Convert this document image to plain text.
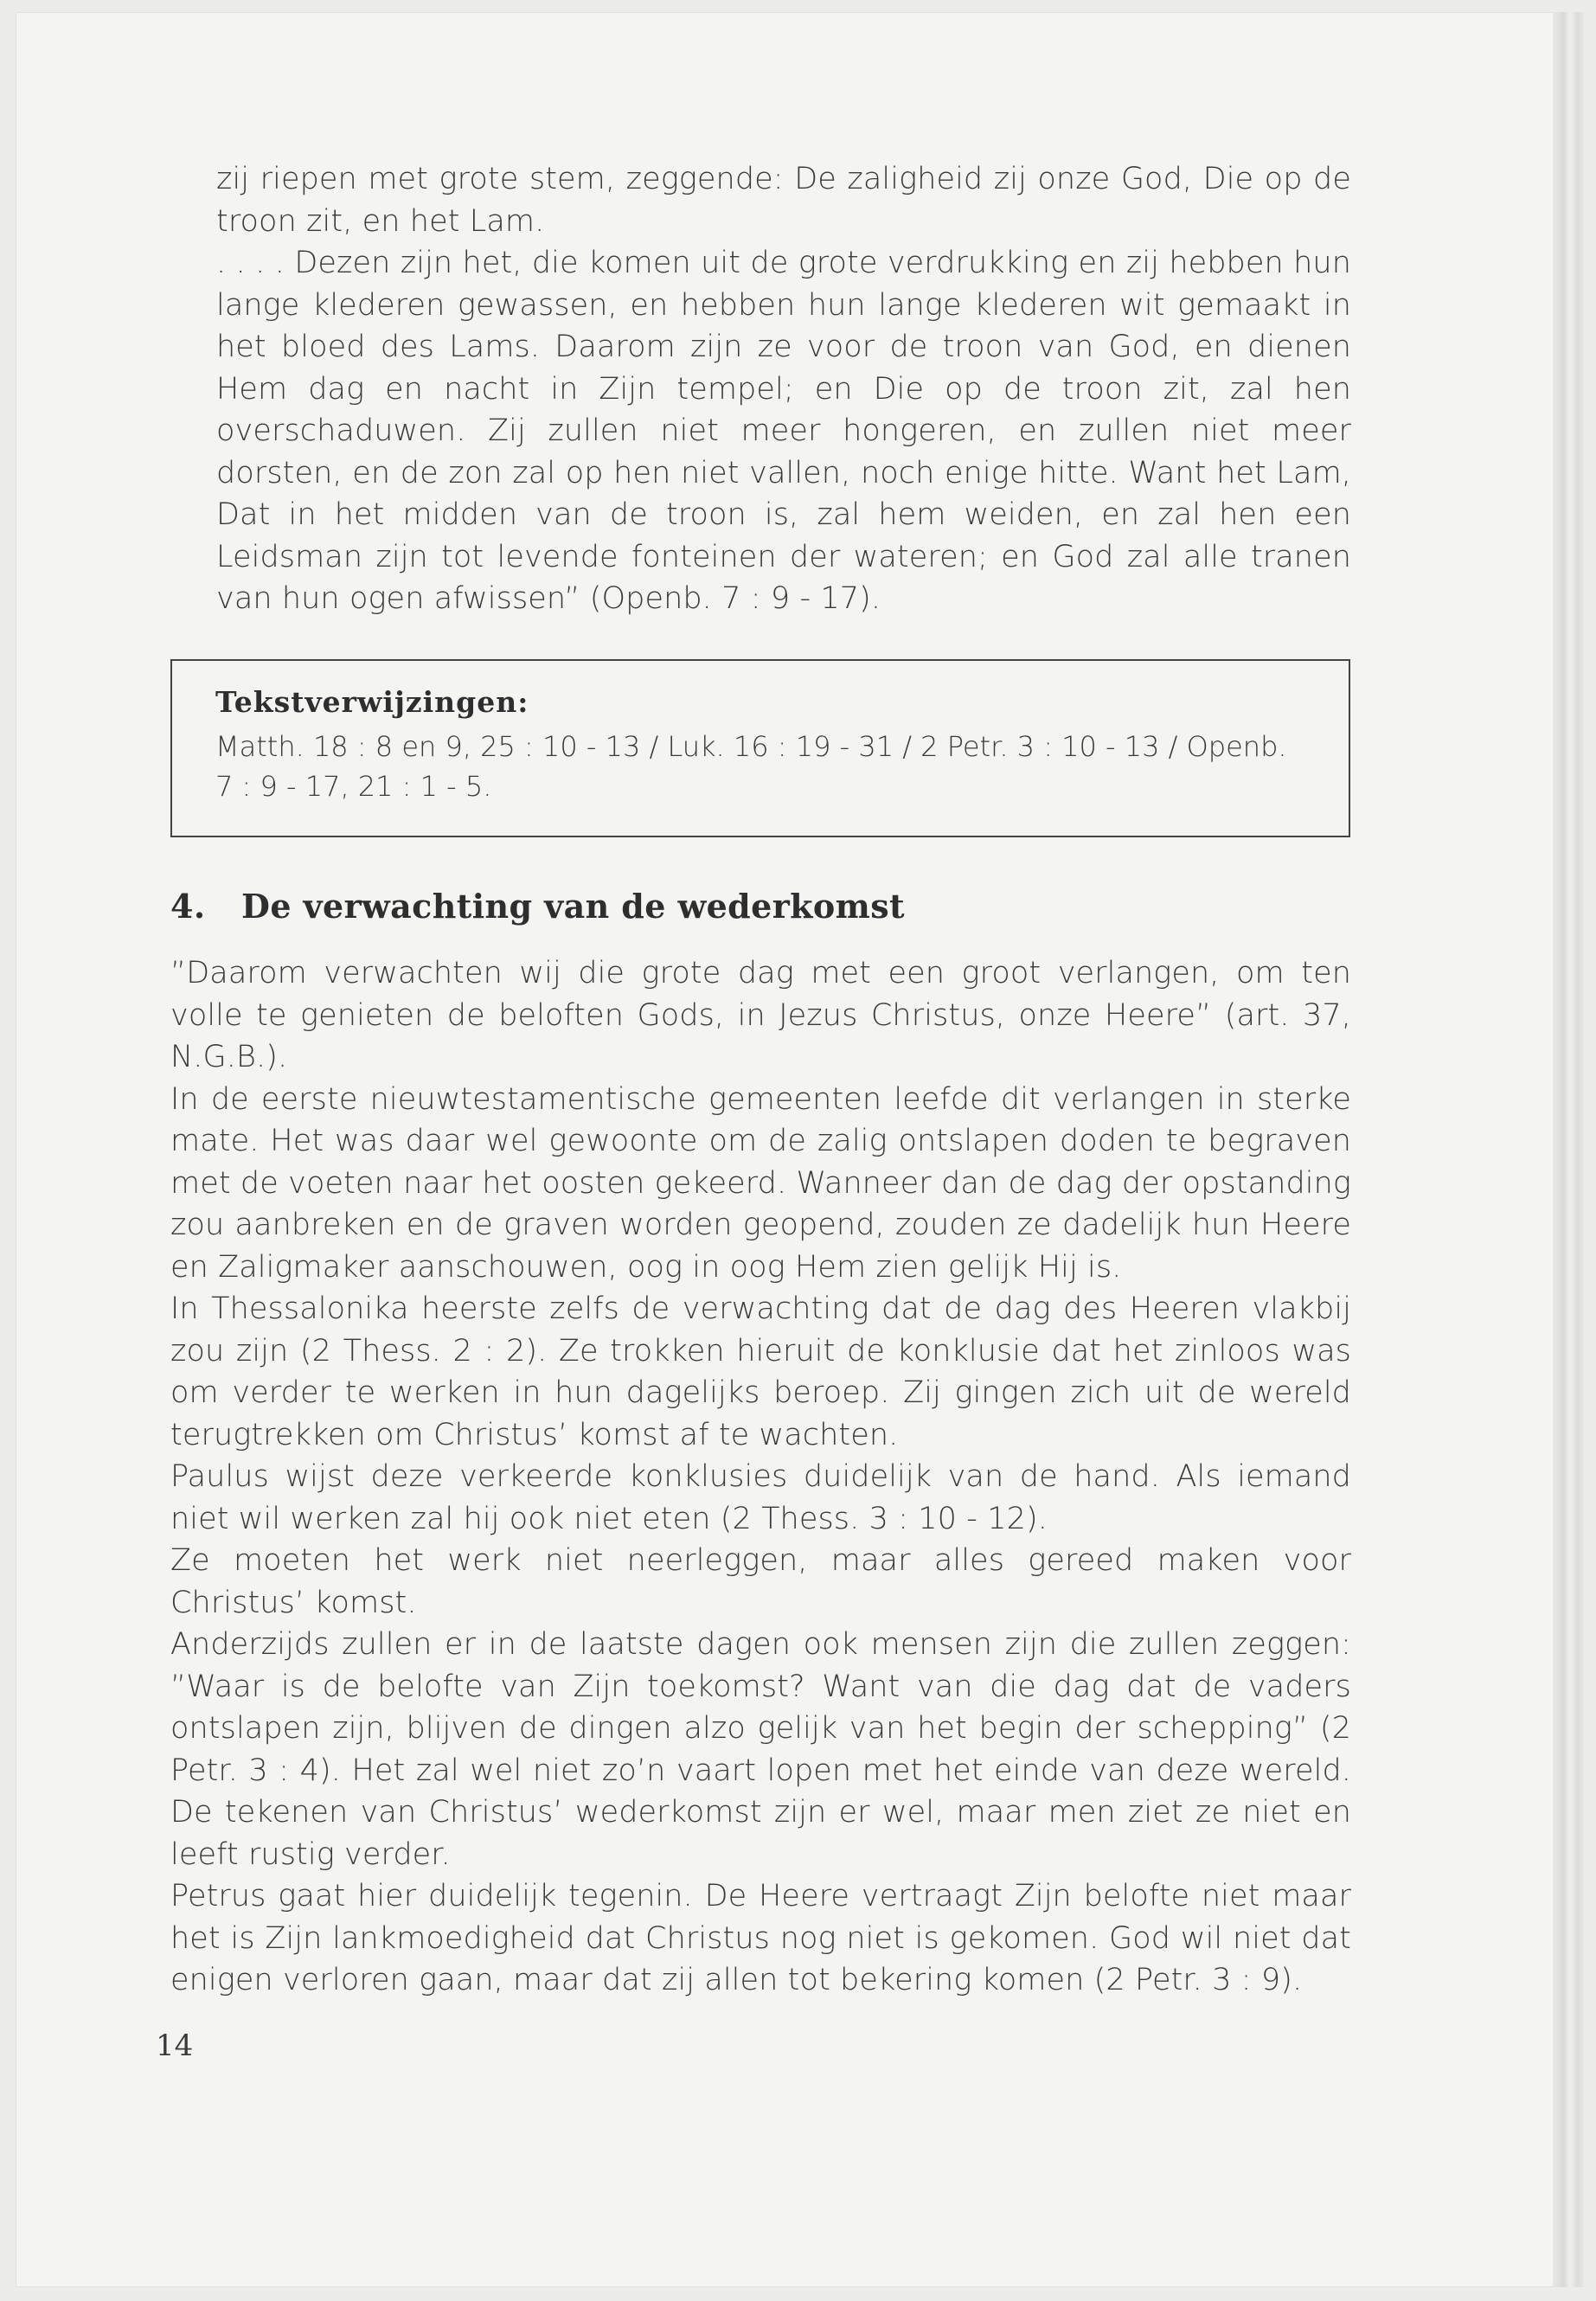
zij riepen met grote stem, zeggende: De zaligheid zij onze God, Die op de troon zit, en het Lam.

. . . . Dezen zijn het, die komen uit de grote verdrukking en zij hebben hun lange klederen gewassen, en hebben hun lange klederen wit gemaakt in het bloed des Lams. Daarom zijn ze voor de troon van God, en dienen Hem dag en nacht in Zijn tempel; en Die op de troon zit, zal hen overschaduwen. Zij zullen niet meer hongeren, en zullen niet meer dorsten, en de zon zal op hen niet vallen, noch enige hitte. Want het Lam, Dat in het midden van de troon is, zal hem weiden, en zal hen een Leidsman zijn tot levende fonteinen der wateren; en God zal alle tranen van hun ogen afwissen” (Openb. 7 : 9 - 17).

Tekstverwijzingen:

Matth. 18 : 8 en 9, 25 : 10 - 13 / Luk. 16 : 19 - 31 / 2 Petr. 3 : 10 - 13 / Openb. 7 : 9 - 17, 21 : 1 - 5.

4. De verwachting van de wederkomst

”Daarom verwachten wij die grote dag met een groot verlangen, om ten volle te genieten de beloften Gods, in Jezus Christus, onze Heere” (art. 37, N.G.B.).

In de eerste nieuwtestamentische gemeenten leefde dit verlangen in sterke mate. Het was daar wel gewoonte om de zalig ontslapen doden te begraven met de voeten naar het oosten gekeerd. Wanneer dan de dag der opstanding zou aanbreken en de graven worden geopend, zouden ze dadelijk hun Heere en Zaligmaker aanschouwen, oog in oog Hem zien gelijk Hij is.

In Thessalonika heerste zelfs de verwachting dat de dag des Heeren vlakbij zou zijn (2 Thess. 2 : 2). Ze trokken hieruit de konklusie dat het zinloos was om verder te werken in hun dagelijks beroep. Zij gingen zich uit de wereld terugtrekken om Christus’ komst af te wachten.

Paulus wijst deze verkeerde konklusies duidelijk van de hand. Als iemand niet wil werken zal hij ook niet eten (2 Thess. 3 : 10 - 12).

Ze moeten het werk niet neerleggen, maar alles gereed maken voor Christus’ komst.

Anderzijds zullen er in de laatste dagen ook mensen zijn die zullen zeggen: ”Waar is de belofte van Zijn toekomst? Want van die dag dat de vaders ontslapen zijn, blijven de dingen alzo gelijk van het begin der schepping” (2 Petr. 3 : 4). Het zal wel niet zo’n vaart lopen met het einde van deze wereld. De tekenen van Christus’ wederkomst zijn er wel, maar men ziet ze niet en leeft rustig verder.

Petrus gaat hier duidelijk tegenin. De Heere vertraagt Zijn belofte niet maar het is Zijn lankmoedigheid dat Christus nog niet is gekomen. God wil niet dat enigen verloren gaan, maar dat zij allen tot bekering komen (2 Petr. 3 : 9).

14
